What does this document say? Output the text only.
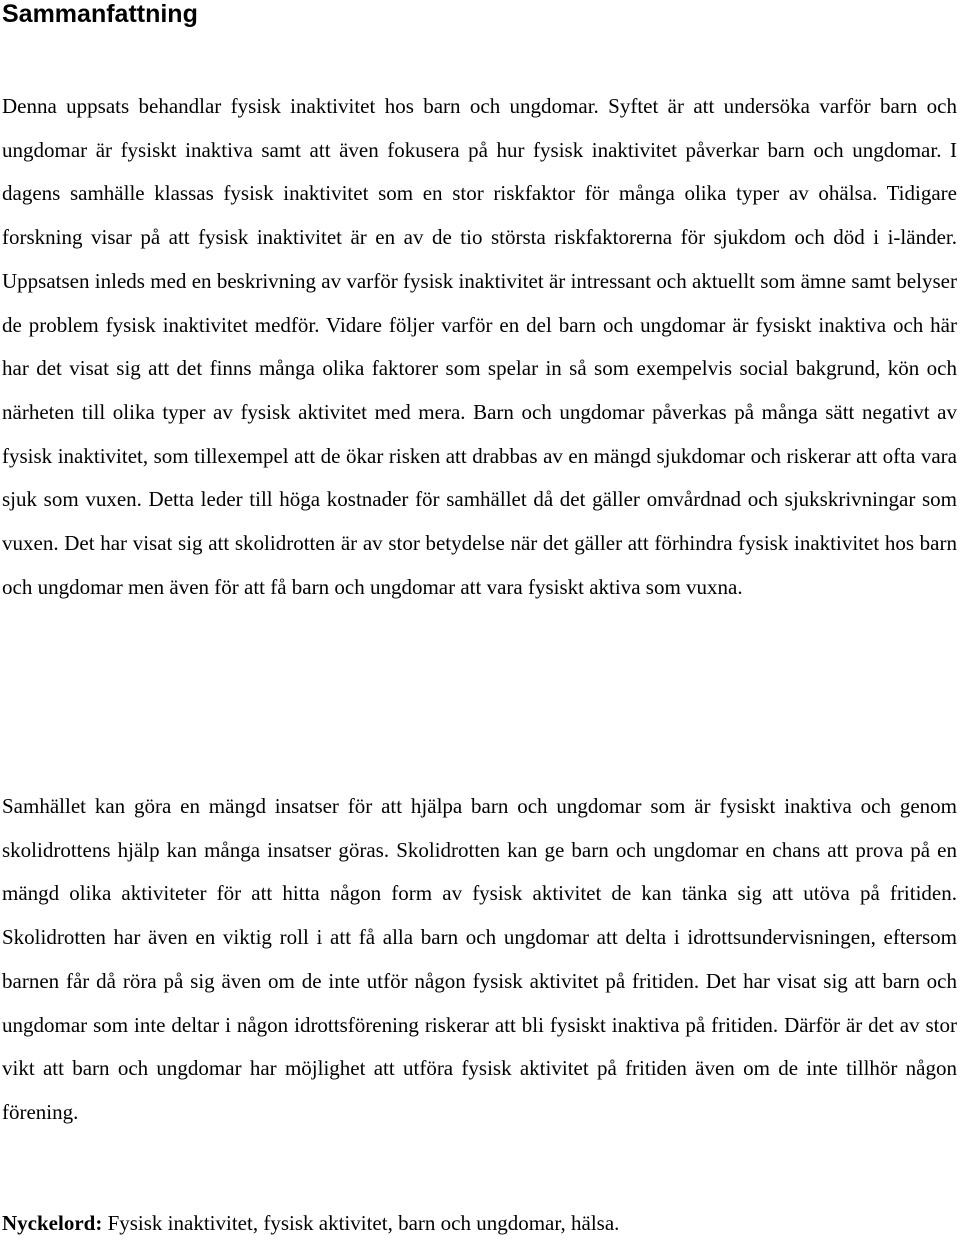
Sammanfattning

Denna uppsats behandlar fysisk inaktivitet hos barn och ungdomar. Syftet är att undersöka varför barn och ungdomar är fysiskt inaktiva samt att även fokusera på hur fysisk inaktivitet påverkar barn och ungdomar. I dagens samhälle klassas fysisk inaktivitet som en stor riskfaktor för många olika typer av ohälsa. Tidigare forskning visar på att fysisk inaktivitet är en av de tio största riskfaktorerna för sjukdom och död i i-länder. Uppsatsen inleds med en beskrivning av varför fysisk inaktivitet är intressant och aktuellt som ämne samt belyser de problem fysisk inaktivitet medför. Vidare följer varför en del barn och ungdomar är fysiskt inaktiva och här har det visat sig att det finns många olika faktorer som spelar in så som exempelvis social bakgrund, kön och närheten till olika typer av fysisk aktivitet med mera. Barn och ungdomar påverkas på många sätt negativt av fysisk inaktivitet, som tillexempel att de ökar risken att drabbas av en mängd sjukdomar och riskerar att ofta vara sjuk som vuxen. Detta leder till höga kostnader för samhället då det gäller omvårdnad och sjukskrivningar som vuxen. Det har visat sig att skolidrotten är av stor betydelse när det gäller att förhindra fysisk inaktivitet hos barn och ungdomar men även för att få barn och ungdomar att vara fysiskt aktiva som vuxna.

Samhället kan göra en mängd insatser för att hjälpa barn och ungdomar som är fysiskt inaktiva och genom skolidrottens hjälp kan många insatser göras. Skolidrotten kan ge barn och ungdomar en chans att prova på en mängd olika aktiviteter för att hitta någon form av fysisk aktivitet de kan tänka sig att utöva på fritiden. Skolidrotten har även en viktig roll i att få alla barn och ungdomar att delta i idrottsundervisningen, eftersom barnen får då röra på sig även om de inte utför någon fysisk aktivitet på fritiden. Det har visat sig att barn och ungdomar som inte deltar i någon idrottsförening riskerar att bli fysiskt inaktiva på fritiden. Därför är det av stor vikt att barn och ungdomar har möjlighet att utföra fysisk aktivitet på fritiden även om de inte tillhör någon förening.

Nyckelord: Fysisk inaktivitet, fysisk aktivitet, barn och ungdomar, hälsa.
